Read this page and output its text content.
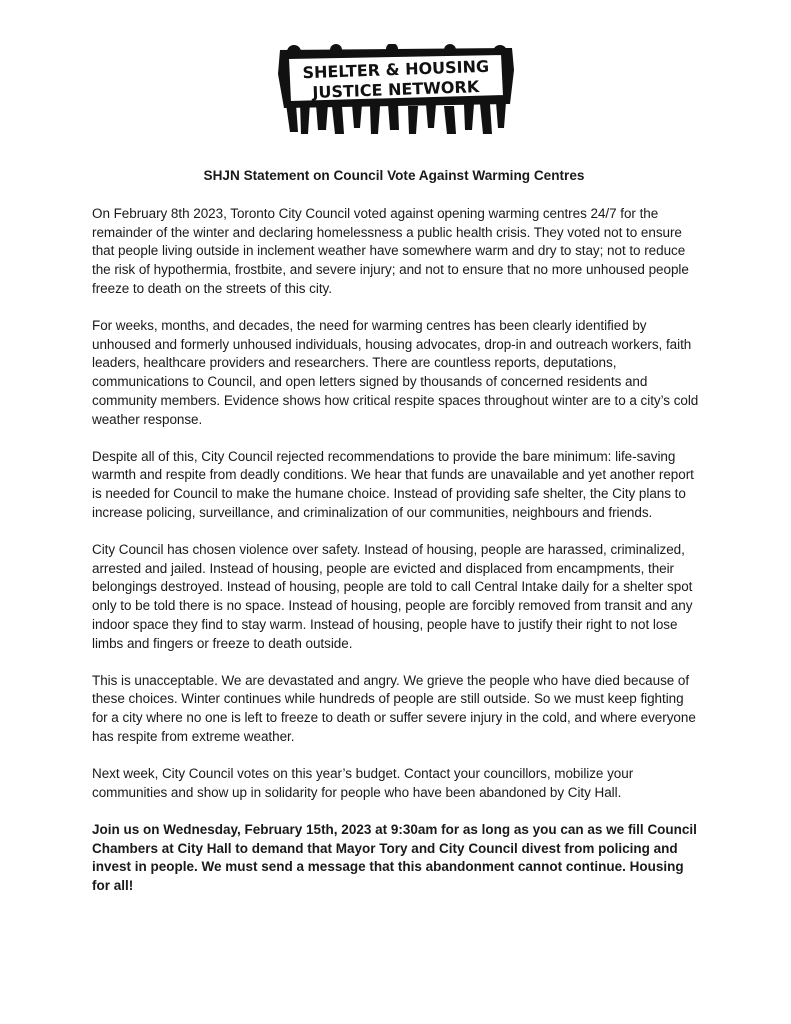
SHELTER & HOUSING
JUSTICE NETWORK
SHJN Statement on Council Vote Against Warming Centres

On February 8th 2023, Toronto City Council voted against opening warming centres 24/7 for the remainder of the winter and declaring homelessness a public health crisis. They voted not to ensure that people living outside in inclement weather have somewhere warm and dry to stay; not to reduce the risk of hypothermia, frostbite, and severe injury; and not to ensure that no more unhoused people freeze to death on the streets of this city.

For weeks, months, and decades, the need for warming centres has been clearly identified by unhoused and formerly unhoused individuals, housing advocates, drop-in and outreach workers, faith leaders, healthcare providers and researchers. There are countless reports, deputations, communications to Council, and open letters signed by thousands of concerned residents and community members. Evidence shows how critical respite spaces throughout winter are to a city’s cold weather response.

Despite all of this, City Council rejected recommendations to provide the bare minimum: life-saving warmth and respite from deadly conditions. We hear that funds are unavailable and yet another report is needed for Council to make the humane choice. Instead of providing safe shelter, the City plans to increase policing, surveillance, and criminalization of our communities, neighbours and friends.

City Council has chosen violence over safety. Instead of housing, people are harassed, criminalized, arrested and jailed. Instead of housing, people are evicted and displaced from encampments, their belongings destroyed. Instead of housing, people are told to call Central Intake daily for a shelter spot only to be told there is no space. Instead of housing, people are forcibly removed from transit and any indoor space they find to stay warm. Instead of housing, people have to justify their right to not lose limbs and fingers or freeze to death outside.

This is unacceptable. We are devastated and angry. We grieve the people who have died because of these choices. Winter continues while hundreds of people are still outside. So we must keep fighting for a city where no one is left to freeze to death or suffer severe injury in the cold, and where everyone has respite from extreme weather.

Next week, City Council votes on this year’s budget. Contact your councillors, mobilize your communities and show up in solidarity for people who have been abandoned by City Hall.

Join us on Wednesday, February 15th, 2023 at 9:30am for as long as you can as we fill Council Chambers at City Hall to demand that Mayor Tory and City Council divest from policing and invest in people. We must send a message that this abandonment cannot continue. Housing for all!
